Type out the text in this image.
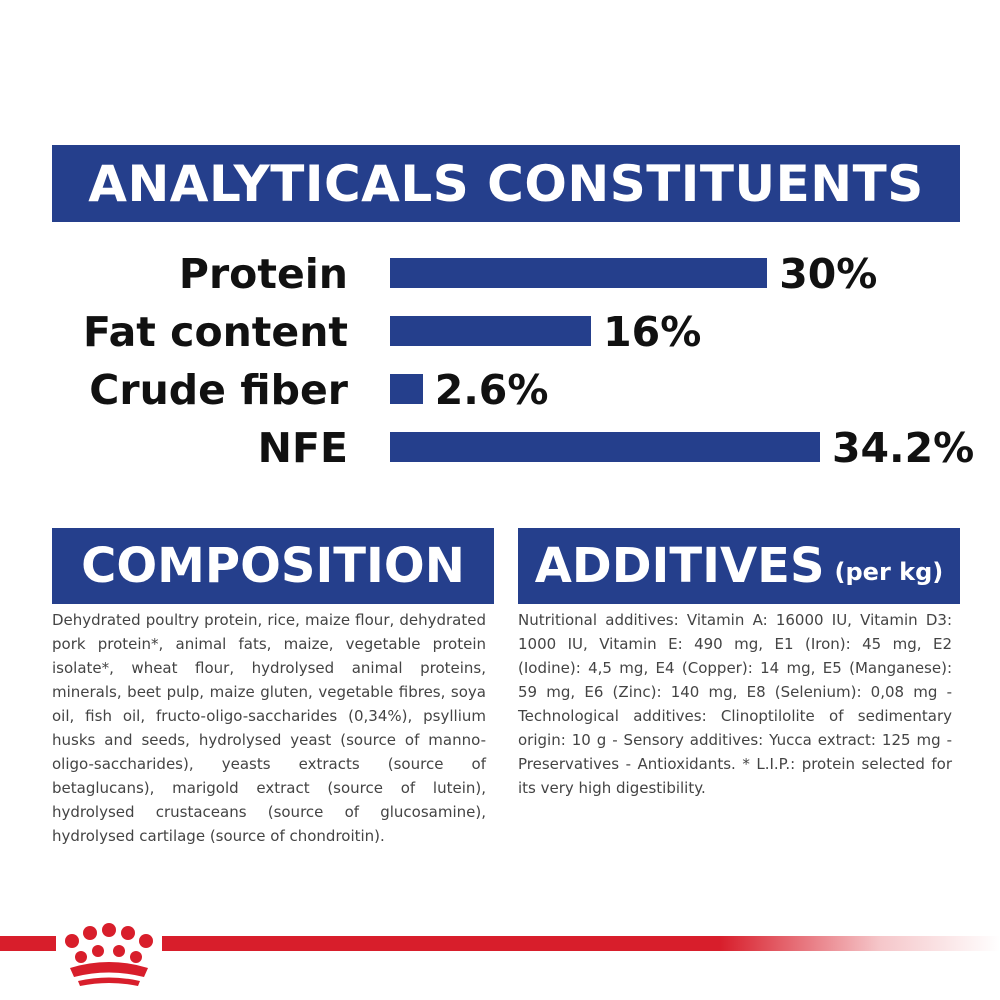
ANALYTICALS CONSTITUENTS
Protein	30%
Fat content	16%
Crude fiber 2.6%
NFE	34.2%
COMPOSITION

Dehydrated poultry protein, rice, maize flour, dehydrated pork protein*, animal fats, maize, vegetable protein isolate*, wheat flour, hydrolysed animal proteins, minerals, beet pulp, maize gluten, vegetable fibres, soya oil, fish oil, fructo-oligo-saccharides (0,34%), psyllium husks and seeds, hydrolysed yeast (source of manno-oligo-saccharides), yeasts extracts (source of betaglucans), marigold extract (source of lutein), hydrolysed crustaceans (source of glucosamine), hydrolysed cartilage (source of chondroitin).

ADDITIVES (per kg)

Nutritional additives: Vitamin A: 16000 IU, Vitamin D3: 1000 IU, Vitamin E: 490 mg, E1 (Iron): 45 mg, E2 (Iodine): 4,5 mg, E4 (Copper): 14 mg, E5 (Manganese): 59 mg, E6 (Zinc): 140 mg, E8 (Selenium): 0,08 mg - Technological additives: Clinoptilolite of sedimentary origin: 10 g - Sensory additives: Yucca extract: 125 mg - Preservatives - Antioxidants. * L.I.P.: protein selected for its very high digestibility.
